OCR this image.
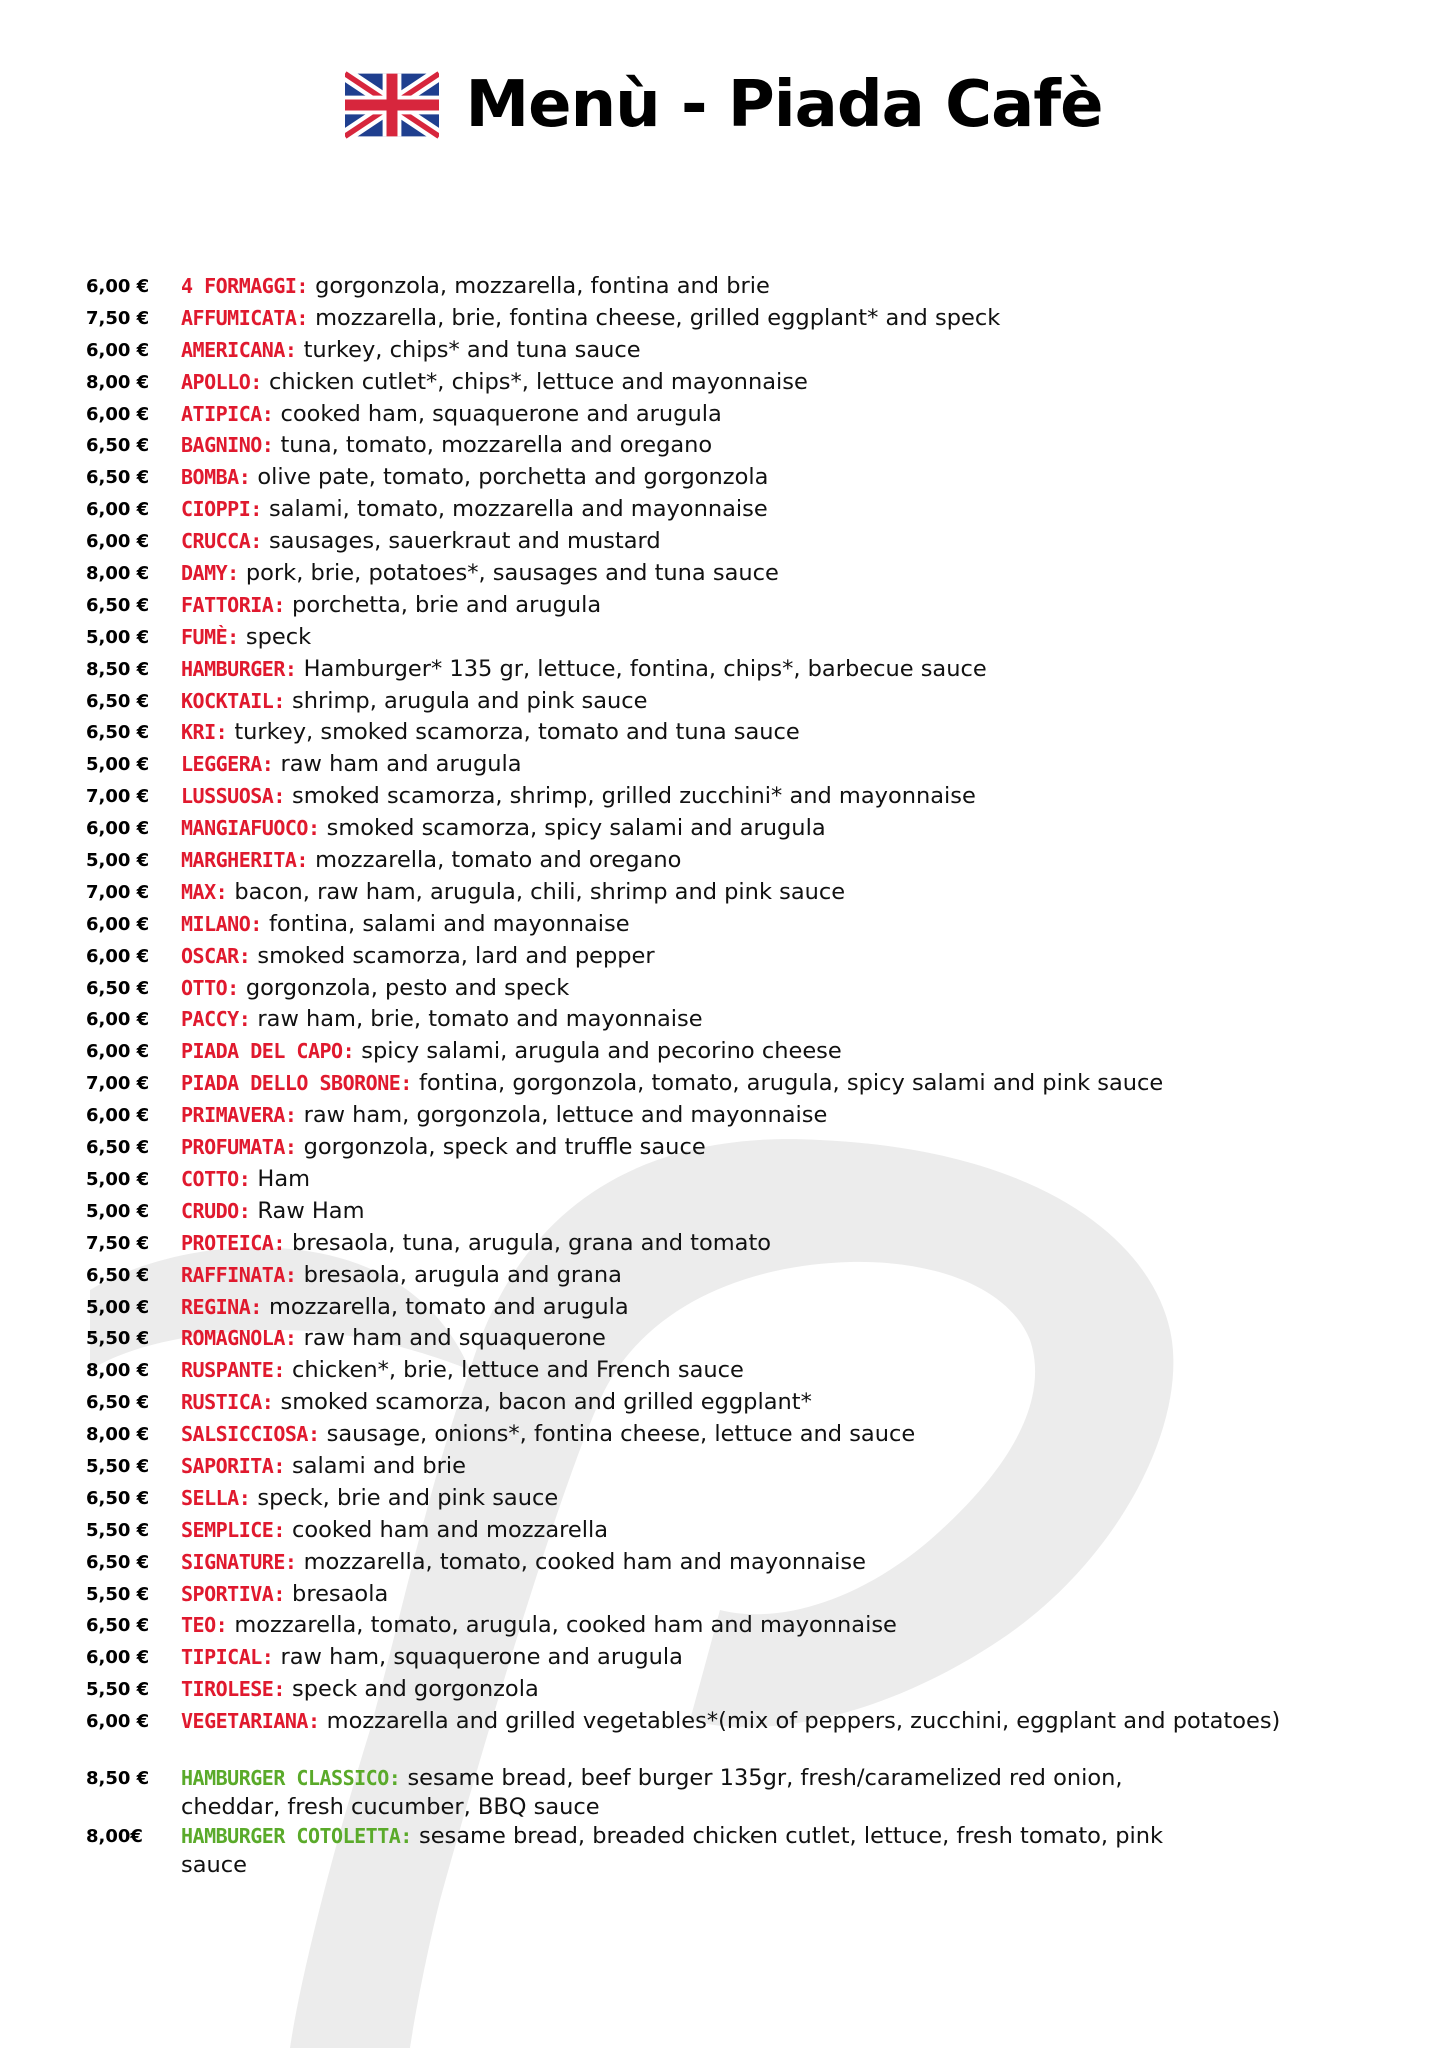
Menù - Piada Cafè
6,00 € 4 FORMAGGI: gorgonzola, mozzarella, fontina and brie
7,50 € AFFUMICATA: mozzarella, brie, fontina cheese, grilled eggplant* and speck
6,00 € AMERICANA: turkey, chips* and tuna sauce
8,00 € APOLLO: chicken cutlet*, chips*, lettuce and mayonnaise
6,00 € ATIPICA: cooked ham, squaquerone and arugula
6,50 € BAGNINO: tuna, tomato, mozzarella and oregano
6,50 € BOMBA: olive pate, tomato, porchetta and gorgonzola
6,00 € CIOPPI: salami, tomato, mozzarella and mayonnaise
6,00 € CRUCCA: sausages, sauerkraut and mustard
8,00 € DAMY: pork, brie, potatoes*, sausages and tuna sauce
6,50 € FATTORIA: porchetta, brie and arugula
5,00 € FUMÈ: speck
8,50 € HAMBURGER: Hamburger* 135 gr, lettuce, fontina, chips*, barbecue sauce
6,50 € KOCKTAIL: shrimp, arugula and pink sauce
6,50 € KRI: turkey, smoked scamorza, tomato and tuna sauce
5,00 € LEGGERA: raw ham and arugula
7,00 € LUSSUOSA: smoked scamorza, shrimp, grilled zucchini* and mayonnaise
6,00 € MANGIAFUOCO: smoked scamorza, spicy salami and arugula
5,00 € MARGHERITA: mozzarella, tomato and oregano
7,00 € MAX: bacon, raw ham, arugula, chili, shrimp and pink sauce
6,00 € MILANO: fontina, salami and mayonnaise
6,00 € OSCAR: smoked scamorza, lard and pepper
6,50 € OTTO: gorgonzola, pesto and speck
6,00 € PACCY: raw ham, brie, tomato and mayonnaise
6,00 € PIADA DEL CAPO: spicy salami, arugula and pecorino cheese
7,00 € PIADA DELLO SBORONE: fontina, gorgonzola, tomato, arugula, spicy salami and pink sauce
6,00 € PRIMAVERA: raw ham, gorgonzola, lettuce and mayonnaise
6,50 € PROFUMATA: gorgonzola, speck and truffle sauce
5,00 € COTTO: Ham
5,00 € CRUDO: Raw Ham
7,50 € PROTEICA: bresaola, tuna, arugula, grana and tomato
6,50 € RAFFINATA: bresaola, arugula and grana
5,00 € REGINA: mozzarella, tomato and arugula
5,50 € ROMAGNOLA: raw ham and squaquerone
8,00 € RUSPANTE: chicken*, brie, lettuce and French sauce
6,50 € RUSTICA: smoked scamorza, bacon and grilled eggplant*
8,00 € SALSICCIOSA: sausage, onions*, fontina cheese, lettuce and sauce
5,50 € SAPORITA: salami and brie
6,50 € SELLA: speck, brie and pink sauce
5,50 € SEMPLICE: cooked ham and mozzarella
6,50 € SIGNATURE: mozzarella, tomato, cooked ham and mayonnaise
5,50 € SPORTIVA: bresaola
6,50 € TEO: mozzarella, tomato, arugula, cooked ham and mayonnaise
6,00 € TIPICAL: raw ham, squaquerone and arugula
5,50 € TIROLESE: speck and gorgonzola
6,00 € VEGETARIANA: mozzarella and grilled vegetables*(mix of peppers, zucchini, eggplant and potatoes)
8,50 € HAMBURGER CLASSICO: sesame bread, beef burger 135gr, fresh/caramelized red onion, cheddar, fresh cucumber, BBQ sauce
8,00€	HAMBURGER COTOLETTA: sesame bread, breaded chicken cutlet, lettuce, fresh tomato, pink sauce
